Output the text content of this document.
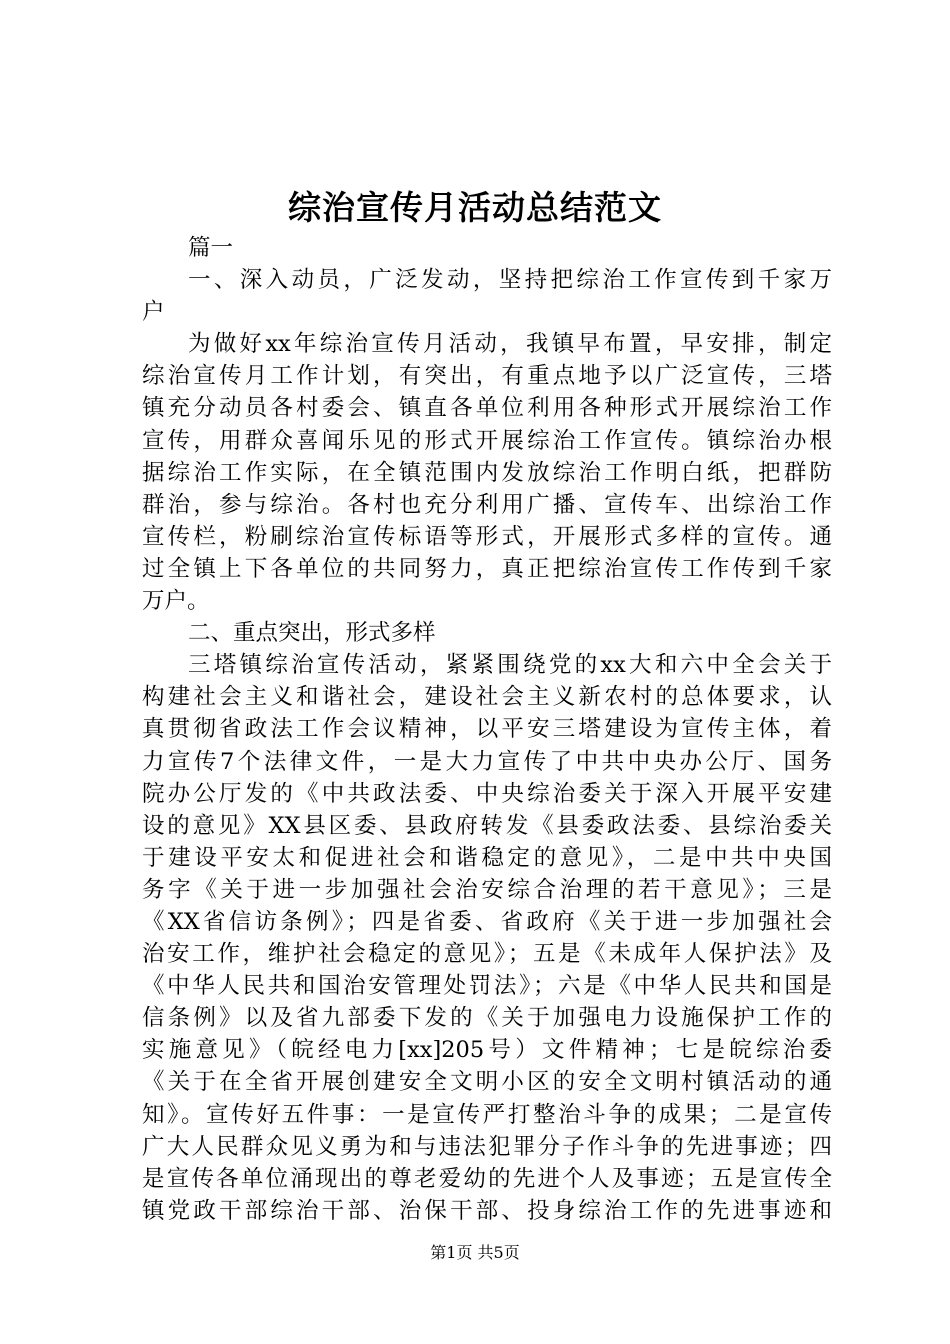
综治宣传月活动总结范文
篇一
一、深入动员，广泛发动，坚持把综治工作宣传到千家万
户
为做好xx年综治宣传月活动，我镇早布置，早安排，制定
综治宣传月工作计划，有突出，有重点地予以广泛宣传，三塔
镇充分动员各村委会、镇直各单位利用各种形式开展综治工作
宣传，用群众喜闻乐见的形式开展综治工作宣传。镇综治办根
据综治工作实际，在全镇范围内发放综治工作明白纸，把群防
群治，参与综治。各村也充分利用广播、宣传车、出综治工作
宣传栏，粉刷综治宣传标语等形式，开展形式多样的宣传。通
过全镇上下各单位的共同努力，真正把综治宣传工作传到千家
万户。
二、重点突出，形式多样
三塔镇综治宣传活动，紧紧围绕党的xx大和六中全会关于
构建社会主义和谐社会，建设社会主义新农村的总体要求，认
真贯彻省政法工作会议精神，以平安三塔建设为宣传主体，着
力宣传7个法律文件，一是大力宣传了中共中央办公厅、国务
院办公厅发的《中共政法委、中央综治委关于深入开展平安建
设的意见》XX县区委、县政府转发《县委政法委、县综治委关
于建设平安太和促进社会和谐稳定的意见》，二是中共中央国
务字《关于进一步加强社会治安综合治理的若干意见》；三是
《XX省信访条例》；四是省委、省政府《关于进一步加强社会
治安工作，维护社会稳定的意见》；五是《未成年人保护法》及
《中华人民共和国治安管理处罚法》；六是《中华人民共和国是
信条例》以及省九部委下发的《关于加强电力设施保护工作的
实施意见》（皖经电力[xx]205号）文件精神；七是皖综治委
《关于在全省开展创建安全文明小区的安全文明村镇活动的通
知》。宣传好五件事：一是宣传严打整治斗争的成果；二是宣传
广大人民群众见义勇为和与违法犯罪分子作斗争的先进事迹；四
是宣传各单位涌现出的尊老爱幼的先进个人及事迹；五是宣传全
镇党政干部综治干部、治保干部、投身综治工作的先进事迹和
第1页 共5页
